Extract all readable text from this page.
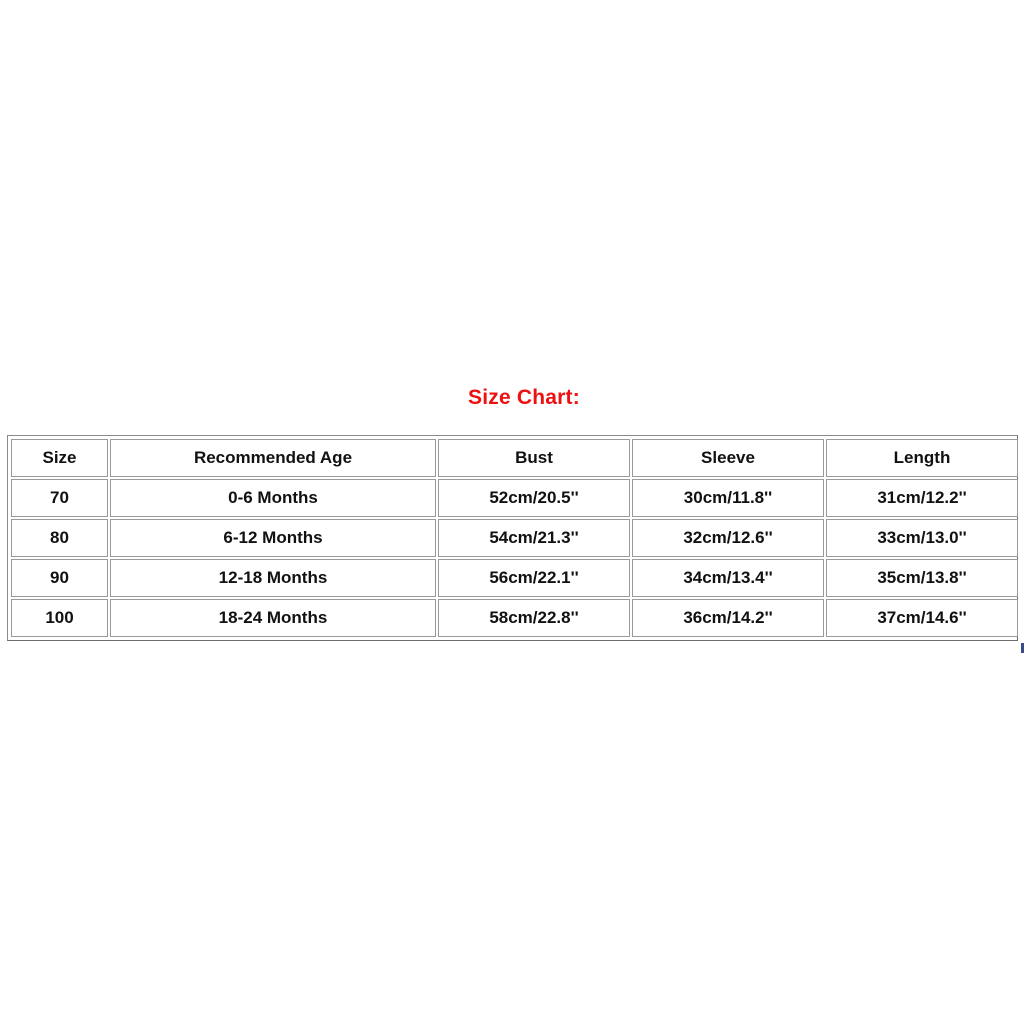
Size Chart:
Size	Recommended Age	Bust	Sleeve	Length
70	0-6 Months	52cm/20.5''	30cm/11.8''	31cm/12.2''
80	6-12 Months	54cm/21.3''	32cm/12.6''	33cm/13.0''
90	12-18 Months	56cm/22.1''	34cm/13.4''	35cm/13.8''
100	18-24 Months	58cm/22.8''	36cm/14.2''	37cm/14.6''
